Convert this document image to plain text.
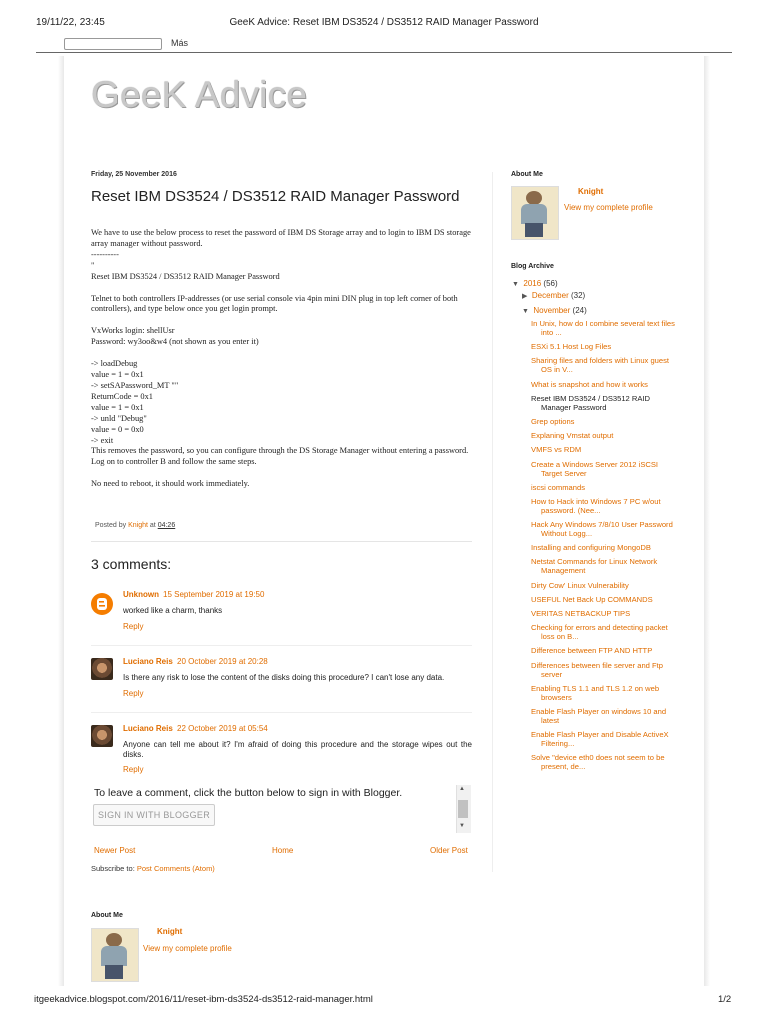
19/11/22, 23:45	GeeK Advice: Reset IBM DS3524 / DS3512 RAID Manager Password
Más
GeeK Advice
Friday, 25 November 2016
Reset IBM DS3524 / DS3512 RAID Manager Password

We have to use the below process to reset the password of IBM DS Storage array and to login to IBM DS storage array manager without password.

----------

"

Reset IBM DS3524 / DS3512 RAID Manager Password

Telnet to both controllers IP-addresses (or use serial console via 4pin mini DIN plug in top left corner of both controllers), and type below once you get login prompt.

VxWorks login: shellUsr

Password: wy3oo&w4 (not shown as you enter it)

-> loadDebug

value = 1 = 0x1

-> setSAPassword_MT ""

ReturnCode = 0x1

value = 1 = 0x1

-> unld "Debug"

value = 0 = 0x0

-> exit

This removes the password, so you can configure through the DS Storage Manager without entering a password. Log on to controller B and follow the same steps.

No need to reboot, it should work immediately.

Posted by Knight at 04:26
3 comments:
Unknown 15 September 2019 at 19:50
worked like a charm, thanks
Reply
Luciano Reis 20 October 2019 at 20:28
Is there any risk to lose the content of the disks doing this procedure? I can't lose any data.
Reply
Luciano Reis 22 October 2019 at 05:54
Anyone can tell me about it? I'm afraid of doing this procedure and the storage wipes out the disks.
Reply
To leave a comment, click the button below to sign in with Blogger.
SIGN IN WITH BLOGGER
▲
▼
Newer Post	Home	Older Post
Subscribe to: Post Comments (Atom)
About Me
Knight
View my complete profile
Blog Archive
▼ 2016 (56)
▶ December (32)
▼ November (24)
In Unix, how do I combine several text files into ...
ESXi 5.1 Host Log Files
Sharing files and folders with Linux guest OS in V...
What is snapshot and how it works
Reset IBM DS3524 / DS3512 RAID Manager Password
Grep options
Explaning Vmstat output
VMFS vs RDM
Create a Windows Server 2012 iSCSI Target Server
iscsi commands
How to Hack into Windows 7 PC w/out password. (Nee...
Hack Any Windows 7/8/10 User Password Without Logg...
Installing and configuring MongoDB
Netstat Commands for Linux Network Management
Dirty Cow' Linux Vulnerability
USEFUL Net Back Up COMMANDS
VERITAS NETBACKUP TIPS
Checking for errors and detecting packet loss on B...
Difference between FTP AND HTTP
Differences between file server and Ftp server
Enabling TLS 1.1 and TLS 1.2 on web browsers
Enable Flash Player on windows 10 and latest
Enable Flash Player and Disable ActiveX Filtering...
Solve "device eth0 does not seem to be present, de...
About Me
Knight
View my complete profile
itgeekadvice.blogspot.com/2016/11/reset-ibm-ds3524-ds3512-raid-manager.html	1/2
